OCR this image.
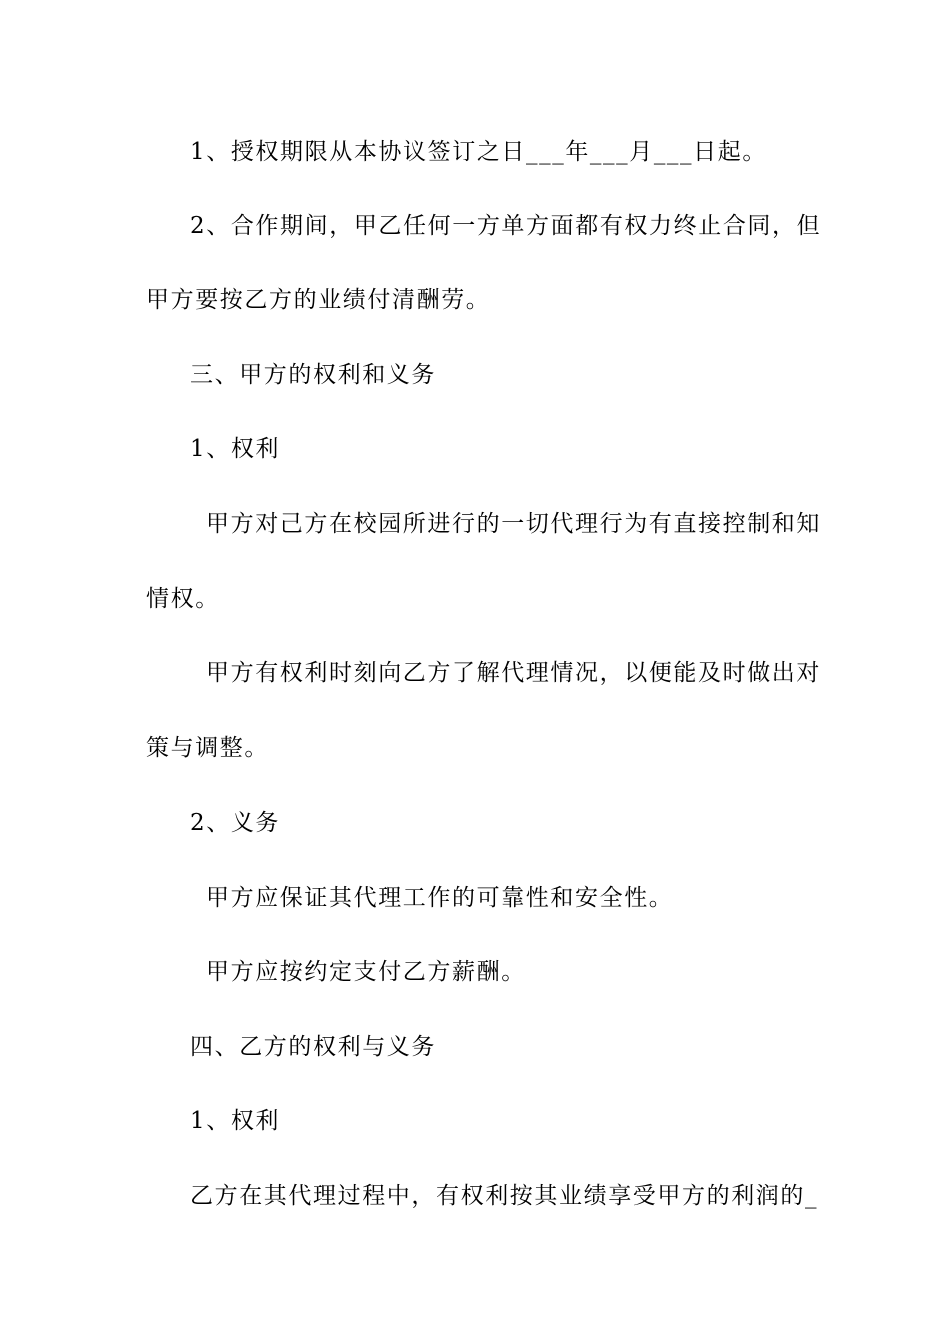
1、授权期限从本协议签订之日___年___月___日起。
2、合作期间，甲乙任何一方单方面都有权力终止合同，但
甲方要按乙方的业绩付清酬劳。
三、甲方的权利和义务
1、权利
甲方对己方在校园所进行的一切代理行为有直接控制和知
情权。
甲方有权利时刻向乙方了解代理情况，以便能及时做出对
策与调整。
2、义务
甲方应保证其代理工作的可靠性和安全性。
甲方应按约定支付乙方薪酬。
四、乙方的权利与义务
1、权利
乙方在其代理过程中，有权利按其业绩享受甲方的利润的_
